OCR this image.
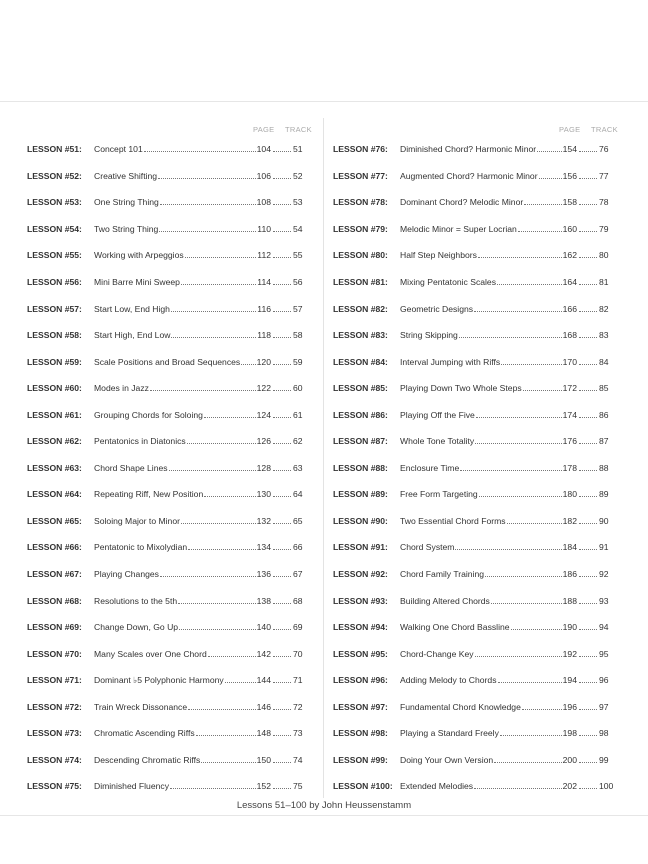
PAGE TRACK
LESSON #51:	Concept 101	104	51
LESSON #52:	Creative Shifting	106	52
LESSON #53:	One String Thing	108	53
LESSON #54:	Two String Thing	110	54
LESSON #55:	Working with Arpeggios	112	55
LESSON #56:	Mini Barre Mini Sweep	114	56
LESSON #57:	Start Low, End High	116	57
LESSON #58:	Start High, End Low	118	58
LESSON #59:	Scale Positions and Broad Sequences 120	59
LESSON #60:	Modes in Jazz	122	60
LESSON #61:	Grouping Chords for Soloing	124	61
LESSON #62:	Pentatonics in Diatonics	126	62
LESSON #63:	Chord Shape Lines	128	63
LESSON #64:	Repeating Riff, New Position	130	64
LESSON #65:	Soloing Major to Minor	132	65
LESSON #66:	Pentatonic to Mixolydian	134	66
LESSON #67:	Playing Changes	136	67
LESSON #68:	Resolutions to the 5th	138	68
LESSON #69:	Change Down, Go Up	140	69
LESSON #70:	Many Scales over One Chord	142	70
LESSON #71:	Dominant ♭5 Polyphonic Harmony	144	71
LESSON #72:	Train Wreck Dissonance	146	72
LESSON #73:	Chromatic Ascending Riffs	148	73
LESSON #74:	Descending Chromatic Riffs	150	74
LESSON #75:	Diminished Fluency	152	75
PAGE TRACK
LESSON #76:	Diminished Chord? Harmonic Minor	154	76
LESSON #77:	Augmented Chord? Harmonic Minor	156	77
LESSON #78:	Dominant Chord? Melodic Minor	158	78
LESSON #79:	Melodic Minor = Super Locrian	160	79
LESSON #80:	Half Step Neighbors	162	80
LESSON #81:	Mixing Pentatonic Scales	164	81
LESSON #82:	Geometric Designs	166	82
LESSON #83:	String Skipping	168	83
LESSON #84:	Interval Jumping with Riffs	170	84
LESSON #85:	Playing Down Two Whole Steps	172	85
LESSON #86:	Playing Off the Five	174	86
LESSON #87:	Whole Tone Totality	176	87
LESSON #88:	Enclosure Time	178	88
LESSON #89:	Free Form Targeting	180	89
LESSON #90:	Two Essential Chord Forms	182	90
LESSON #91:	Chord System	184	91
LESSON #92:	Chord Family Training	186	92
LESSON #93:	Building Altered Chords	188	93
LESSON #94:	Walking One Chord Bassline	190	94
LESSON #95:	Chord-Change Key	192	95
LESSON #96:	Adding Melody to Chords	194	96
LESSON #97:	Fundamental Chord Knowledge	196	97
LESSON #98:	Playing a Standard Freely	198	98
LESSON #99:	Doing Your Own Version	200	99
LESSON #100: Extended Melodies	202	100
Lessons 51–100 by John Heussenstamm
